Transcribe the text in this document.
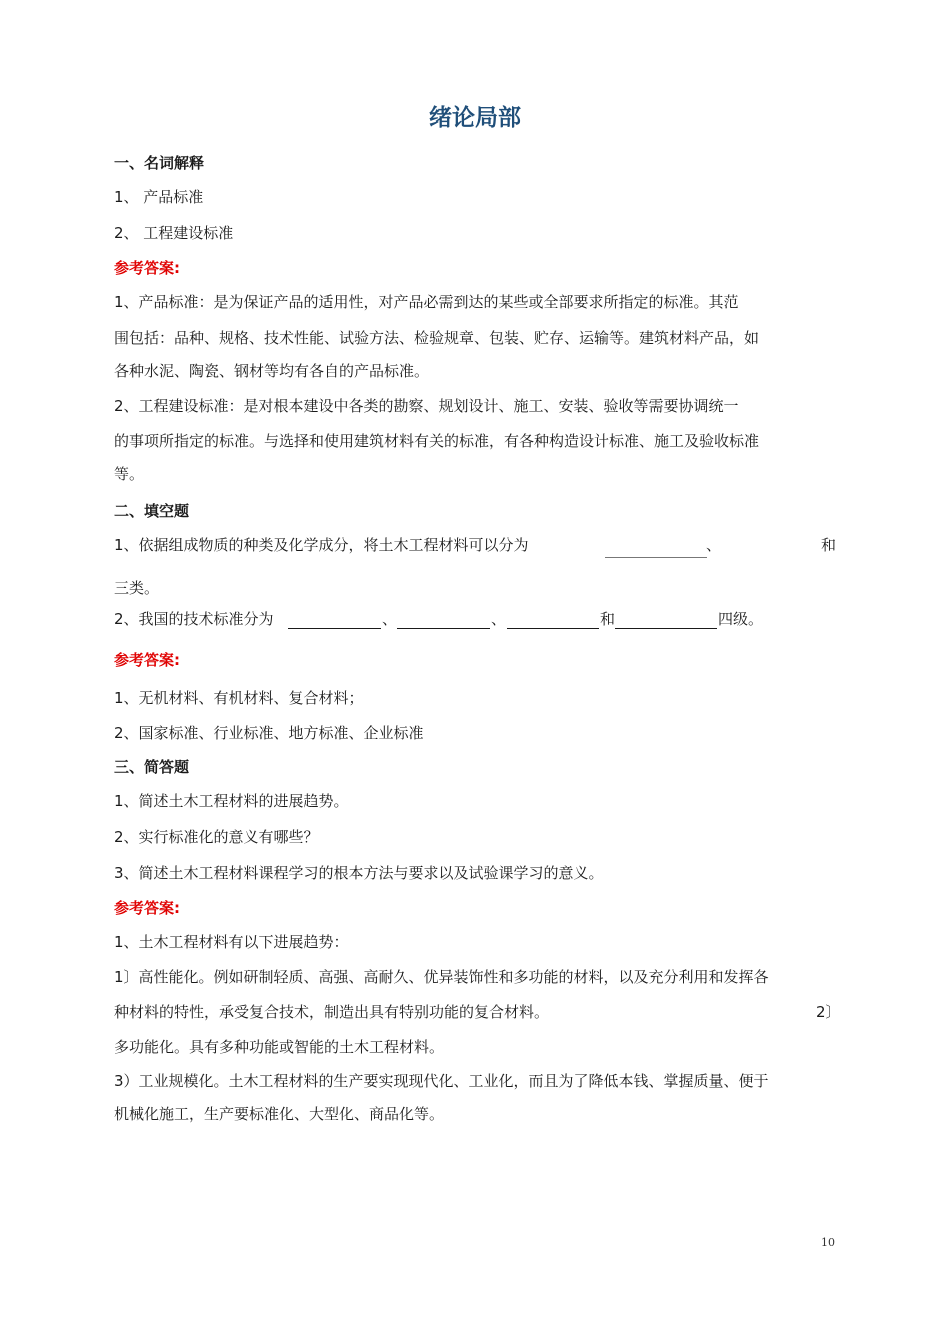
绪论局部
一、名词解释
1、 产品标准
2、 工程建设标准
参考答案:
1、产品标准：是为保证产品的适用性，对产品必需到达的某些或全部要求所指定的标准。其范
围包括：品种、规格、技术性能、试验方法、检验规章、包装、贮存、运输等。建筑材料产品，如
各种水泥、陶瓷、钢材等均有各自的产品标准。
2、工程建设标准：是对根本建设中各类的勘察、规划设计、施工、安装、验收等需要协调统一
的事项所指定的标准。与选择和使用建筑材料有关的标准，有各种构造设计标准、施工及验收标准
等。
二、填空题
1、依据组成物质的种类及化学成分，将土木工程材料可以分为	、	和
三类。
2、我国的技术标准分为	、	、	和	四级。
参考答案:
1、无机材料、有机材料、复合材料；
2、国家标准、行业标准、地方标准、企业标准
三、简答题
1、简述土木工程材料的进展趋势。
2、实行标准化的意义有哪些？
3、简述土木工程材料课程学习的根本方法与要求以及试验课学习的意义。
参考答案:
1、土木工程材料有以下进展趋势：
1〕高性能化。例如研制轻质、高强、高耐久、优异装饰性和多功能的材料，以及充分利用和发挥各
种材料的特性，承受复合技术，制造出具有特别功能的复合材料。	2〕
多功能化。具有多种功能或智能的土木工程材料。
3）工业规模化。土木工程材料的生产要实现现代化、工业化，而且为了降低本钱、掌握质量、便于
机械化施工，生产要标准化、大型化、商品化等。
10
